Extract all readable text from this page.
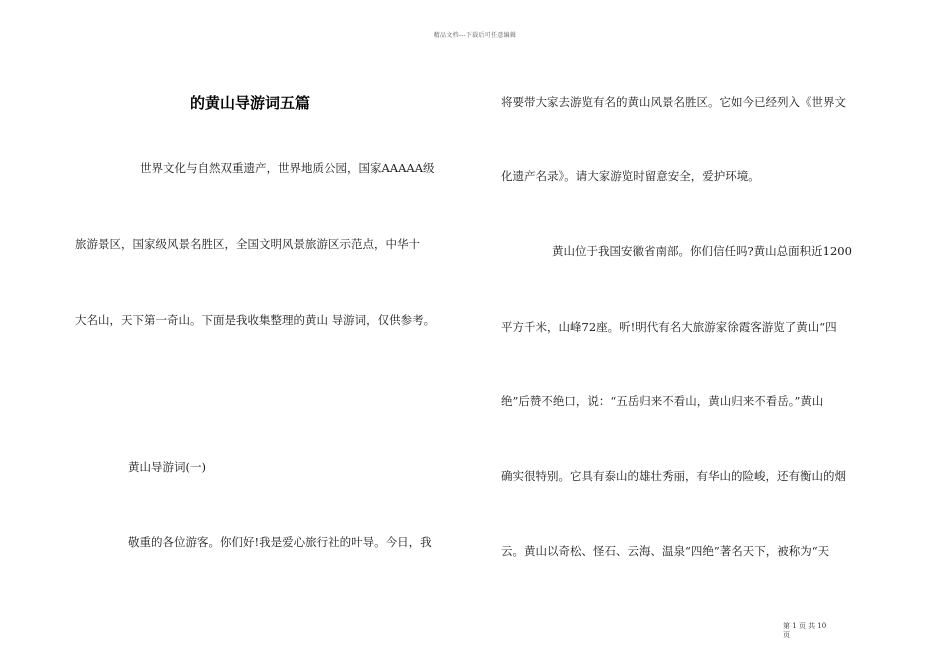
精品文档---下载后可任意编辑
的黄山导游词五篇
世界文化与自然双重遗产，世界地质公园，国家AAAAA级
旅游景区，国家级风景名胜区，全国文明风景旅游区示范点，中华十
大名山，天下第一奇山。下面是我收集整理的黄山 导游词，仅供参考。
黄山导游词(一)
敬重的各位游客。你们好!我是爱心旅行社的叶导。今日，我
将要带大家去游览有名的黄山风景名胜区。它如今已经列入《世界文
化遗产名录》。请大家游览时留意安全，爱护环境。
黄山位于我国安徽省南部。你们信任吗?黄山总面积近1200
平方千米，山峰72座。听!明代有名大旅游家徐霞客游览了黄山“四
绝”后赞不绝口，说：“五岳归来不看山，黄山归来不看岳。”黄山
确实很特别。它具有泰山的雄壮秀丽，有华山的险峻，还有衡山的烟
云。黄山以奇松、怪石、云海、温泉“四绝”著名天下，被称为“天
第 1 页 共 10
页
